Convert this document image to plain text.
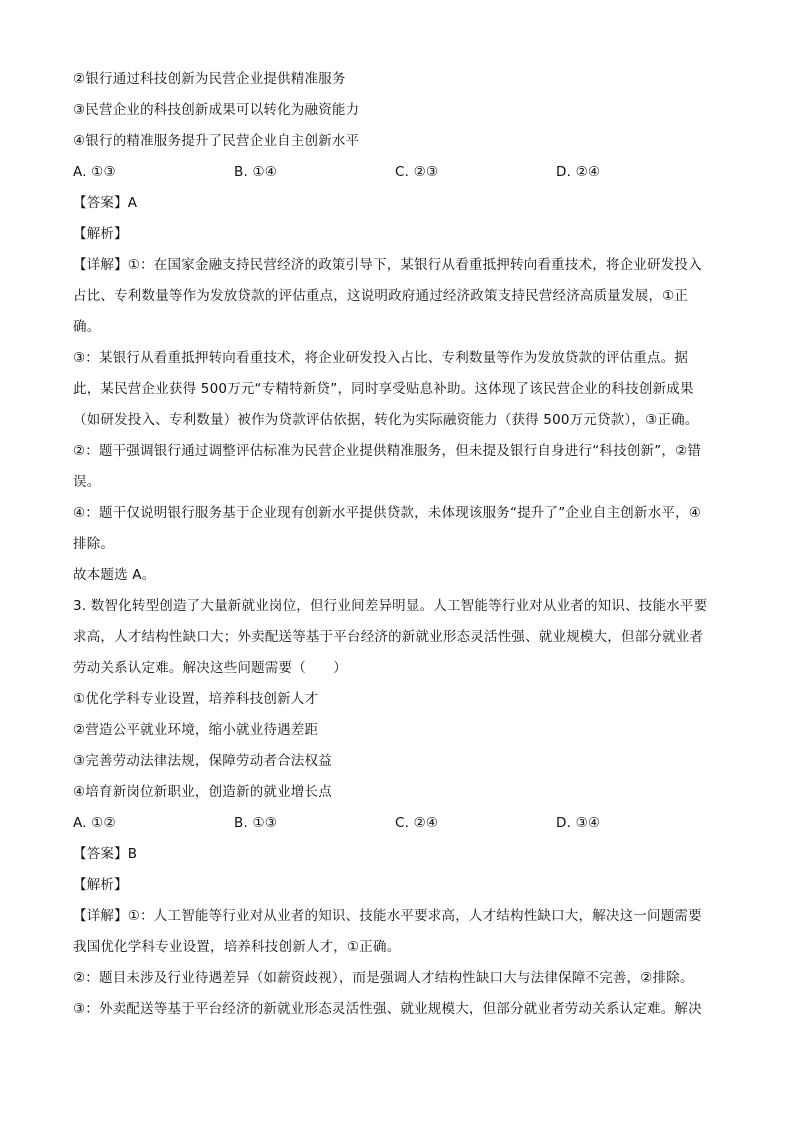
②银行通过科技创新为民营企业提供精准服务
③民营企业的科技创新成果可以转化为融资能力
④银行的精准服务提升了民营企业自主创新水平
A. ①③	B. ①④	C. ②③	D. ②④
【答案】A
【解析】
【详解】①：在国家金融支持民营经济的政策引导下，某银行从看重抵押转向看重技术，将企业研发投入
占比、专利数量等作为发放贷款的评估重点，这说明政府通过经济政策支持民营经济高质量发展，①正
确。
③：某银行从看重抵押转向看重技术，将企业研发投入占比、专利数量等作为发放贷款的评估重点。据
此，某民营企业获得 500万元“专精特新贷”，同时享受贴息补助。这体现了该民营企业的科技创新成果
（如研发投入、专利数量）被作为贷款评估依据，转化为实际融资能力（获得 500万元贷款），③正确。
②：题干强调银行通过调整评估标准为民营企业提供精准服务，但未提及银行自身进行“科技创新”，②错
误。
④：题干仅说明银行服务基于企业现有创新水平提供贷款，未体现该服务“提升了”企业自主创新水平，④
排除。
故本题选 A。
3. 数智化转型创造了大量新就业岗位，但行业间差异明显。人工智能等行业对从业者的知识、技能水平要
求高，人才结构性缺口大；外卖配送等基于平台经济的新就业形态灵活性强、就业规模大，但部分就业者
劳动关系认定难。解决这些问题需要（　　）
①优化学科专业设置，培养科技创新人才
②营造公平就业环境，缩小就业待遇差距
③完善劳动法律法规，保障劳动者合法权益
④培育新岗位新职业，创造新的就业增长点
A. ①②	B. ①③	C. ②④	D. ③④
【答案】B
【解析】
【详解】①：人工智能等行业对从业者的知识、技能水平要求高，人才结构性缺口大，解决这一问题需要
我国优化学科专业设置，培养科技创新人才，①正确。
②：题目未涉及行业待遇差异（如薪资歧视），而是强调人才结构性缺口大与法律保障不完善，②排除。
③：外卖配送等基于平台经济的新就业形态灵活性强、就业规模大，但部分就业者劳动关系认定难。解决
